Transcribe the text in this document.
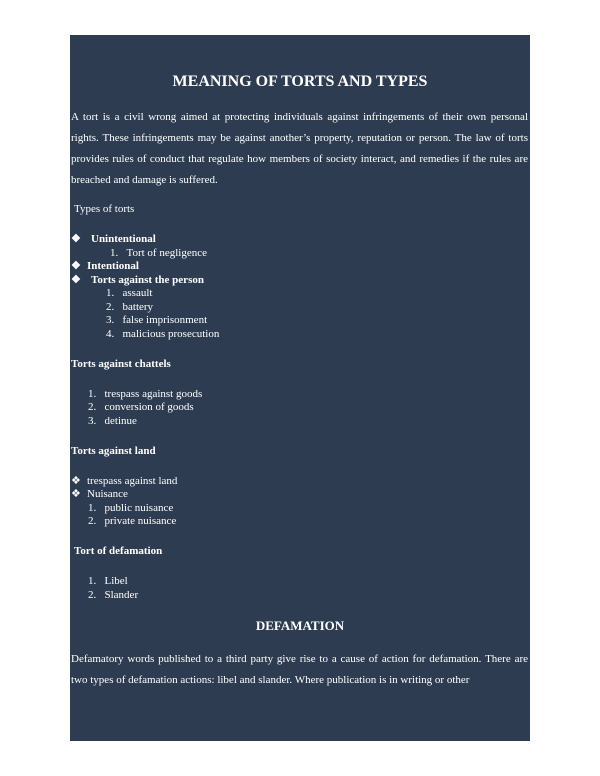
MEANING OF TORTS AND TYPES
A tort is a civil wrong aimed at protecting individuals against infringements of their own personal rights. These infringements may be against another’s property, reputation or person. The law of torts provides rules of conduct that regulate how members of society interact, and remedies if the rules are breached and damage is suffered.
Types of torts
❖ Unintentional
1. Tort of negligence
❖ Intentional
❖ Torts against the person
1. assault
2. battery
3. false imprisonment
4. malicious prosecution
Torts against chattels
1. trespass against goods
2. conversion of goods
3. detinue
Torts against land
❖ trespass against land
❖ Nuisance
1. public nuisance
2. private nuisance
Tort of defamation
1. Libel
2. Slander
DEFAMATION
Defamatory words published to a third party give rise to a cause of action for defamation. There are two types of defamation actions: libel and slander. Where publication is in writing or other
